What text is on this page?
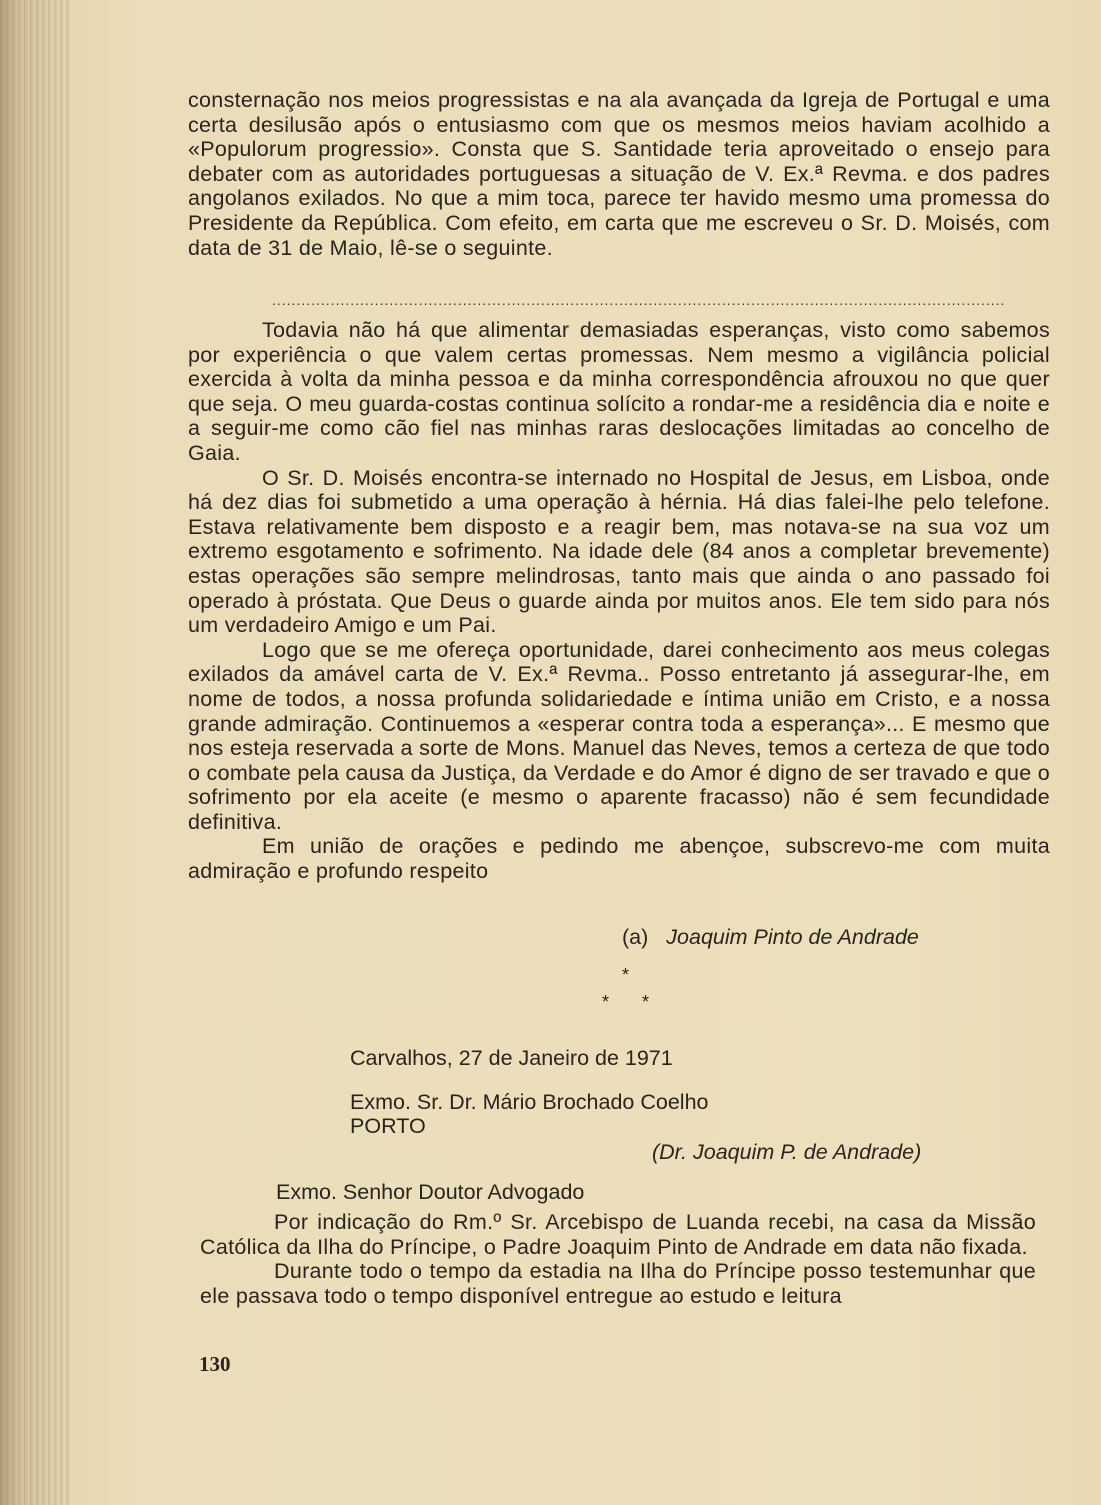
consternação nos meios progressistas e na ala avançada da Igreja de Portugal e uma certa desilusão após o entusiasmo com que os mesmos meios haviam acolhido a «Populorum progressio». Consta que S. Santidade teria aproveitado o ensejo para debater com as autoridades portuguesas a situação de V. Ex.ª Revma. e dos padres angolanos exilados. No que a mim toca, parece ter havido mesmo uma promessa do Presidente da República. Com efeito, em carta que me escreveu o Sr. D. Moisés, com data de 31 de Maio, lê-se o seguinte.

......................................................................................................................................................

Todavia não há que alimentar demasiadas esperanças, visto como sabemos por experiência o que valem certas promessas. Nem mesmo a vigilância policial exercida à volta da minha pessoa e da minha correspondência afrouxou no que quer que seja. O meu guarda-costas continua solícito a rondar-me a residência dia e noite e a seguir-me como cão fiel nas minhas raras deslocações limitadas ao concelho de Gaia.

O Sr. D. Moisés encontra-se internado no Hospital de Jesus, em Lisboa, onde há dez dias foi submetido a uma operação à hérnia. Há dias falei-lhe pelo telefone. Estava relativamente bem disposto e a reagir bem, mas notava-se na sua voz um extremo esgotamento e sofrimento. Na idade dele (84 anos a completar brevemente) estas operações são sempre melindrosas, tanto mais que ainda o ano passado foi operado à próstata. Que Deus o guarde ainda por muitos anos. Ele tem sido para nós um verdadeiro Amigo e um Pai.

Logo que se me ofereça oportunidade, darei conhecimento aos meus colegas exilados da amável carta de V. Ex.ª Revma.. Posso entretanto já assegurar-lhe, em nome de todos, a nossa profunda solidariedade e íntima união em Cristo, e a nossa grande admiração. Continuemos a «esperar contra toda a esperança»... E mesmo que nos esteja reservada a sorte de Mons. Manuel das Neves, temos a certeza de que todo o combate pela causa da Justiça, da Verdade e do Amor é digno de ser travado e que o sofrimento por ela aceite (e mesmo o aparente fracasso) não é sem fecundidade definitiva.

Em união de orações e pedindo me abençoe, subscrevo-me com muita admiração e profundo respeito

(a) Joaquim Pinto de Andrade
*
* *
Carvalhos, 27 de Janeiro de 1971
Exmo. Sr. Dr. Mário Brochado Coelho
PORTO
(Dr. Joaquim P. de Andrade)
Exmo. Senhor Doutor Advogado

Por indicação do Rm.º Sr. Arcebispo de Luanda recebi, na casa da Missão Católica da Ilha do Príncipe, o Padre Joaquim Pinto de Andrade em data não fixada.

Durante todo o tempo da estadia na Ilha do Príncipe posso testemunhar que ele passava todo o tempo disponível entregue ao estudo e leitura

130
